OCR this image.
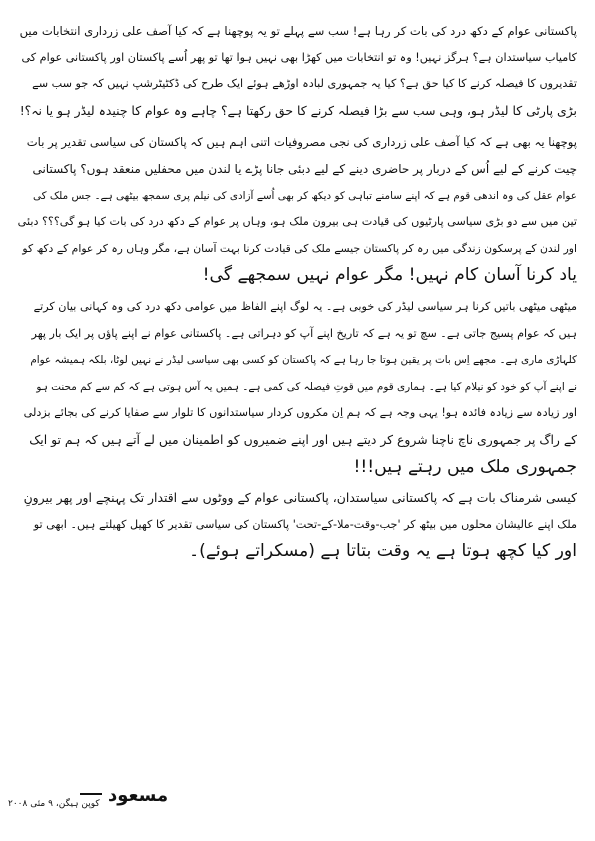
پاکستانی عوام کے دکھ درد کی بات کر رہا ہے! سب سے پہلے تو یہ پوچھنا ہے کہ کیا آصف علی زرداری انتخابات میں
کامیاب سیاستدان ہے؟ ہرگز نہیں! وہ تو انتخابات میں کھڑا بھی نہیں ہوا تھا تو پھر اُسے پاکستان اور پاکستانی عوام کی
تقدیروں کا فیصلہ کرنے کا کیا حق ہے؟ کیا یہ جمہوری لبادہ اوڑھے ہوئے ایک طرح کی ڈکٹیٹرشپ نہیں کہ جو سب سے
بڑی پارٹی کا لیڈر ہو، وہی سب سے بڑا فیصلہ کرنے کا حق رکھتا ہے؟ چاہے وہ عوام کا چنیدہ لیڈر ہو یا نہ؟!
پوچھنا یہ بھی ہے کہ کیا آصف علی زرداری کی نجی مصروفیات اتنی اہم ہیں کہ پاکستان کی سیاسی تقدیر پر بات
چیت کرنے کے لیے اُس کے دربار پر حاضری دینے کے لیے دبئی جانا پڑے یا لندن میں محفلیں منعقد ہوں؟ پاکستانی
عوام عقل کی وہ اندھی قوم ہے کہ اپنے سامنے تباہی کو دیکھ کر بھی اُسے آزادی کی نیلم پری سمجھ بیٹھی ہے۔ جس ملک کی
تین میں سے دو بڑی سیاسی پارٹیوں کی قیادت ہی بیرون ملک ہو، وہاں پر عوام کے دکھ درد کی بات کیا ہو گی؟؟؟ دبئی
اور لندن کے پرسکون زندگی میں رہ کر پاکستان جیسے ملک کی قیادت کرنا بہت آسان ہے، مگر وہاں رہ کر عوام کے دکھ کو
یاد کرنا آسان کام نہیں! مگر عوام نہیں سمجھے گی!
میٹھی میٹھی باتیں کرنا ہر سیاسی لیڈر کی خوبی ہے۔ یہ لوگ اپنے الفاظ میں عوامی دکھ درد کی وہ کہانی بیان کرتے
ہیں کہ عوام پسیج جاتی ہے۔ سچ تو یہ ہے کہ تاریخ اپنے آپ کو دہراتی ہے۔ پاکستانی عوام نے اپنے پاؤں پر ایک بار پھر
کلہاڑی ماری ہے۔ مجھے اِس بات پر یقین ہوتا جا رہا ہے کہ پاکستان کو کسی بھی سیاسی لیڈر نے نہیں لوٹا، بلکہ ہمیشہ عوام
نے اپنے آپ کو خود کو نیلام کیا ہے۔ ہماری قوم میں قوتِ فیصلہ کی کمی ہے۔ ہمیں یہ آس ہوتی ہے کہ کم سے کم محنت ہو
اور زیادہ سے زیادہ فائدہ ہو! یہی وجہ ہے کہ ہم اِن مکروں کردار سیاستدانوں کا تلوار سے صفایا کرنے کی بجائے بزدلی
کے راگ پر جمہوری ناچ ناچنا شروع کر دیتے ہیں اور اپنے ضمیروں کو اطمینان میں لے آتے ہیں کہ ہم تو ایک
جمہوری ملک میں رہتے ہیں!!!
کیسی شرمناک بات ہے کہ پاکستانی سیاستدان، پاکستانی عوام کے ووٹوں سے اقتدار تک پہنچے اور پھر بیرونِ
ملک اپنے عالیشان محلوں میں بیٹھ کر 'جب-وقت-ملا-کے-تحت' پاکستان کی سیاسی تقدیر کا کھیل کھیلتے ہیں۔ ابھی تو
اور کیا کچھ ہوتا ہے یہ وقت بتاتا ہے (مسکراتے ہوئے)۔
مسعود
کوپن ہیگن، ۹ مئی ۲۰۰۸
